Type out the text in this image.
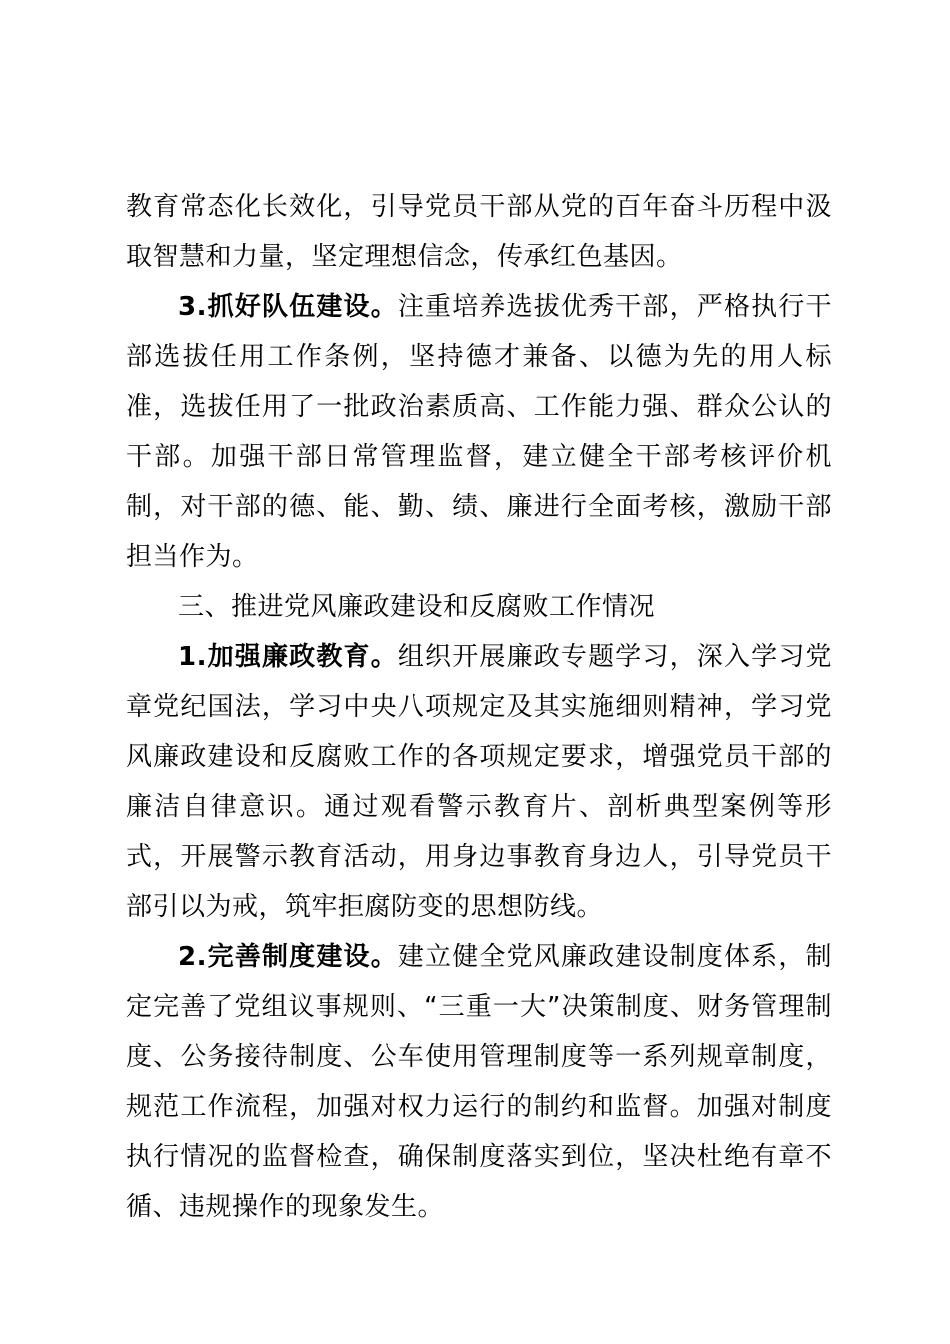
教育常态化长效化，引导党员干部从党的百年奋斗历程中汲取智慧和力量，坚定理想信念，传承红色基因。

3.抓好队伍建设。注重培养选拔优秀干部，严格执行干部选拔任用工作条例，坚持德才兼备、以德为先的用人标准，选拔任用了一批政治素质高、工作能力强、群众公认的干部。加强干部日常管理监督，建立健全干部考核评价机制，对干部的德、能、勤、绩、廉进行全面考核，激励干部担当作为。

三、推进党风廉政建设和反腐败工作情况

1.加强廉政教育。组织开展廉政专题学习，深入学习党章党纪国法，学习中央八项规定及其实施细则精神，学习党风廉政建设和反腐败工作的各项规定要求，增强党员干部的廉洁自律意识。通过观看警示教育片、剖析典型案例等形式，开展警示教育活动，用身边事教育身边人，引导党员干部引以为戒，筑牢拒腐防变的思想防线。

2.完善制度建设。建立健全党风廉政建设制度体系，制定完善了党组议事规则、“三重一大”决策制度、财务管理制度、公务接待制度、公车使用管理制度等一系列规章制度，规范工作流程，加强对权力运行的制约和监督。加强对制度执行情况的监督检查，确保制度落实到位，坚决杜绝有章不循、违规操作的现象发生。
